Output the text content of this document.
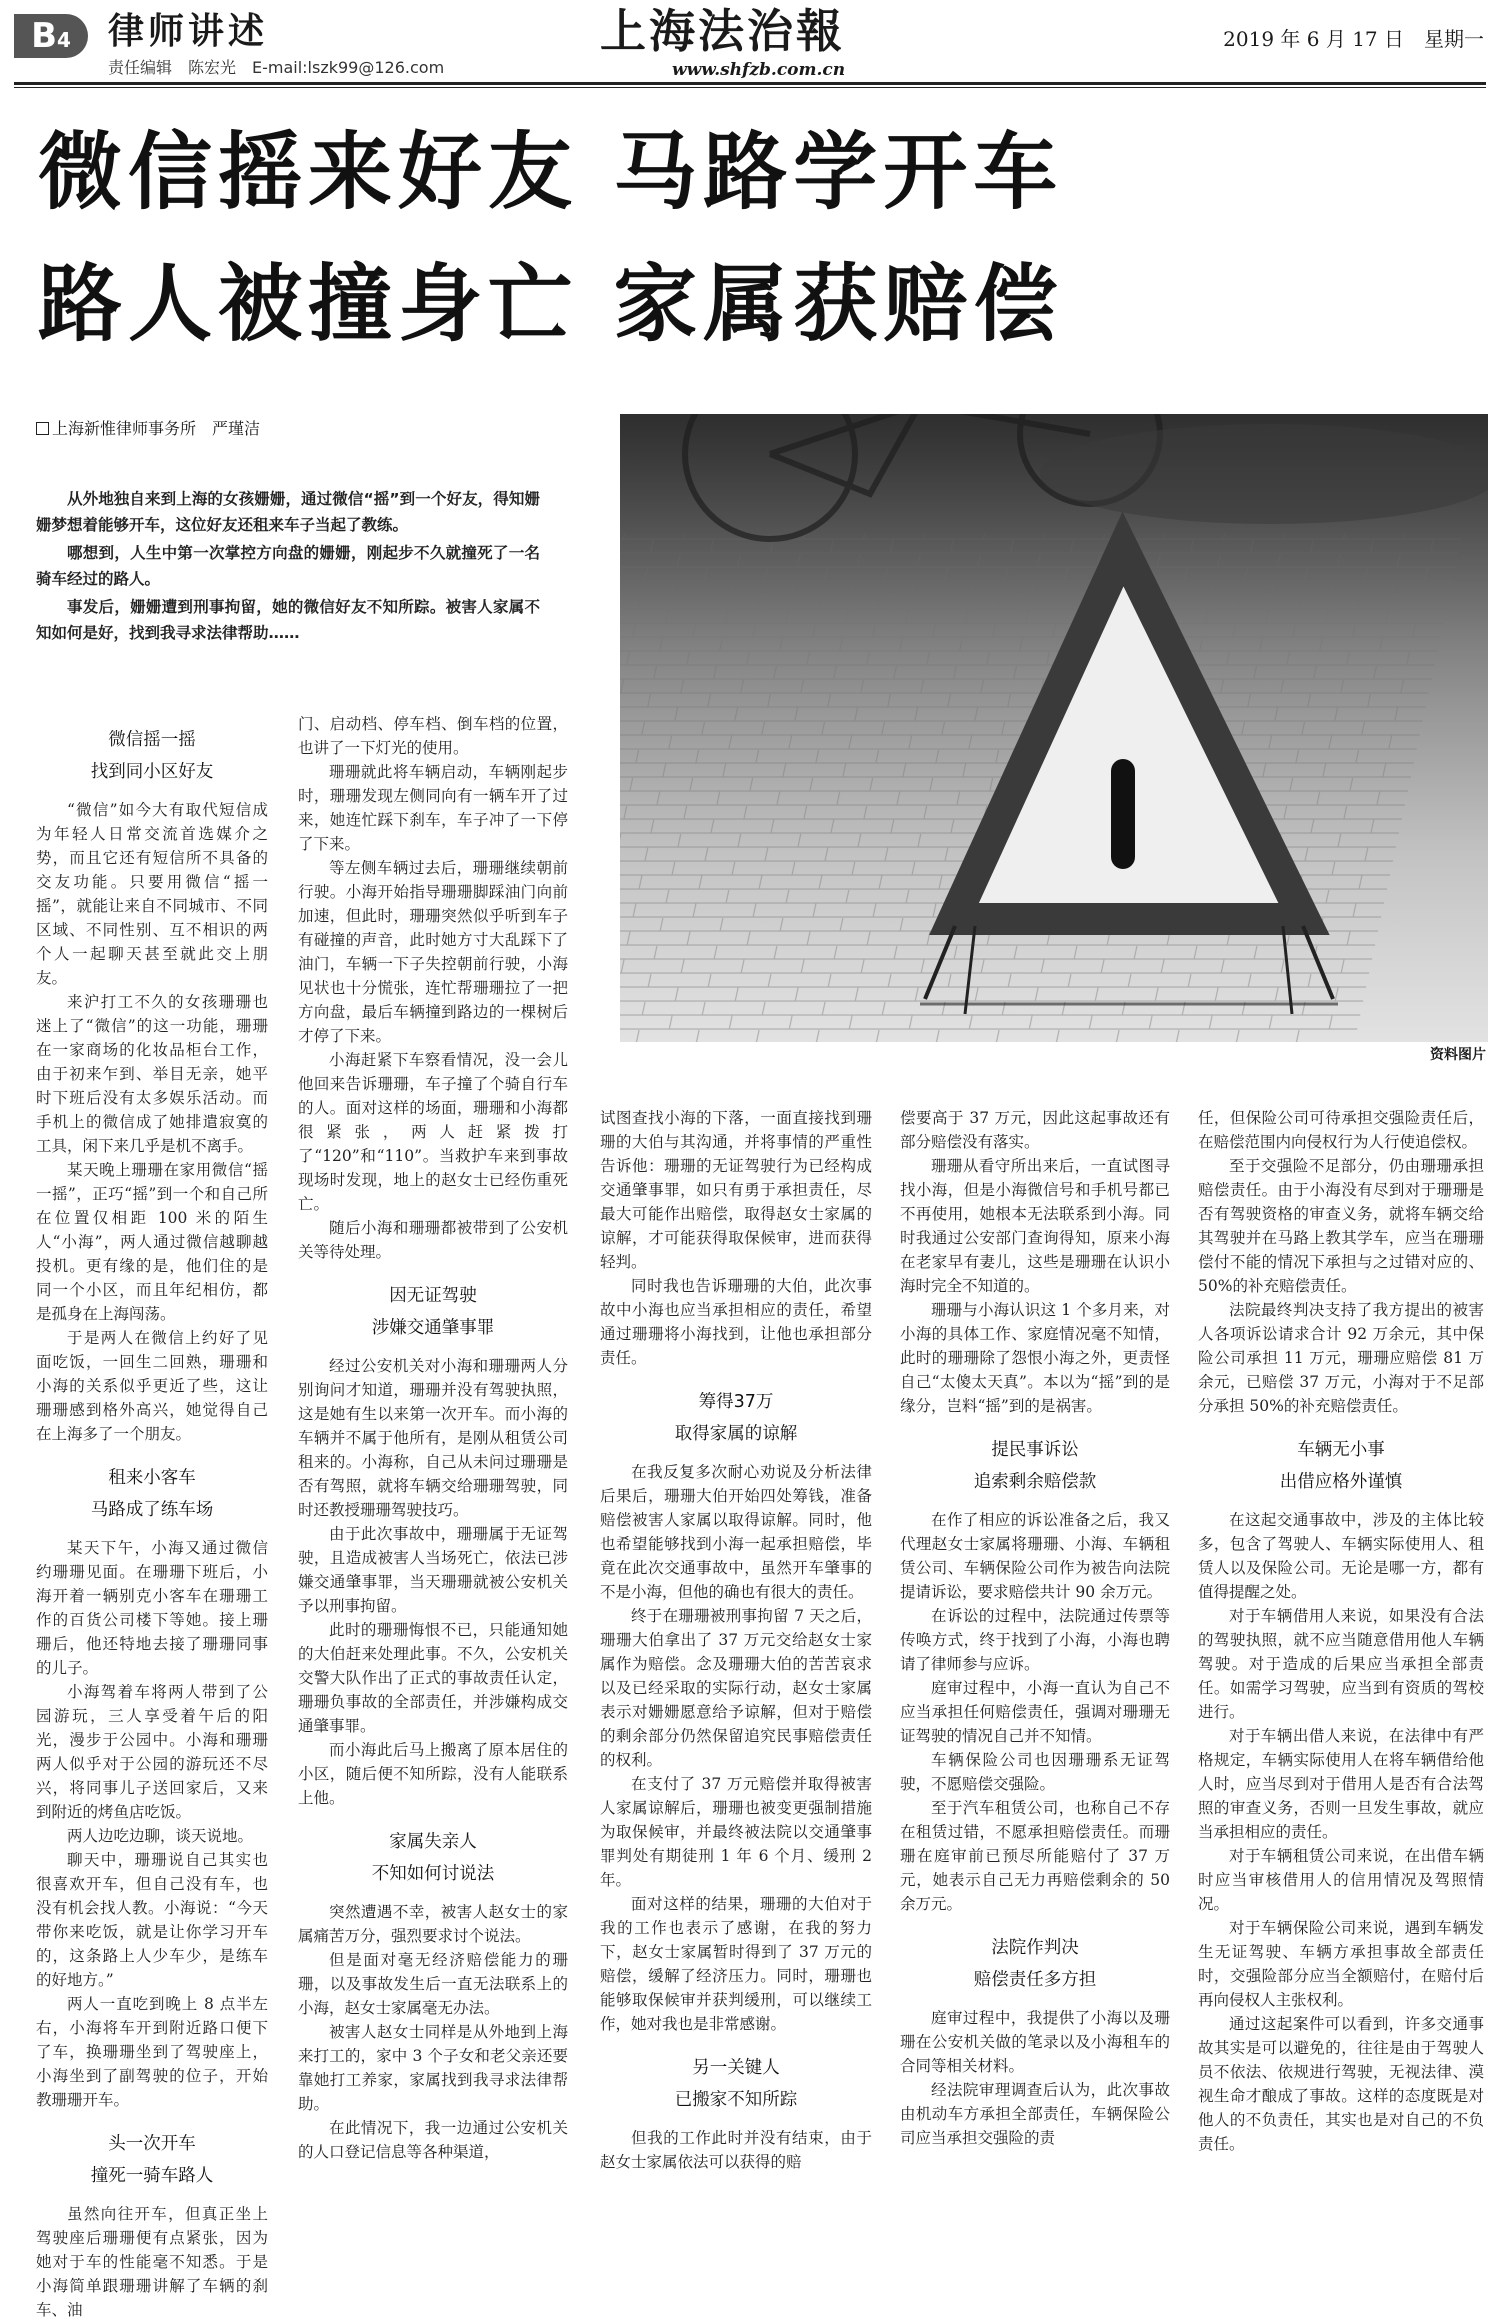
B4	律师讲述
责任编辑　陈宏光　E-mail:lszk99@126.com
上海法治報
www.shfzb.com.cn
2019 年 6 月 17 日　星期一
微信摇来好友 马路学开车
路人被撞身亡 家属获赔偿
上海新惟律师事务所　严瑾洁

从外地独自来到上海的女孩姗姗，通过微信“摇”到一个好友，得知姗姗梦想着能够开车，这位好友还租来车子当起了教练。

哪想到，人生中第一次掌控方向盘的姗姗，刚起步不久就撞死了一名骑车经过的路人。

事发后，姗姗遭到刑事拘留，她的微信好友不知所踪。被害人家属不知如何是好，找到我寻求法律帮助……

资料图片
微信摇一摇
找到同小区好友

“微信”如今大有取代短信成为年轻人日常交流首选媒介之势，而且它还有短信所不具备的交友功能。只要用微信“摇一摇”，就能让来自不同城市、不同区域、不同性别、互不相识的两个人一起聊天甚至就此交上朋友。

来沪打工不久的女孩珊珊也迷上了“微信”的这一功能，珊珊在一家商场的化妆品柜台工作，由于初来乍到、举目无亲，她平时下班后没有太多娱乐活动。而手机上的微信成了她排遣寂寞的工具，闲下来几乎是机不离手。

某天晚上珊珊在家用微信“摇一摇”，正巧“摇”到一个和自己所在位置仅相距 100 米的陌生人“小海”，两人通过微信越聊越投机。更有缘的是，他们住的是同一个小区，而且年纪相仿，都是孤身在上海闯荡。

于是两人在微信上约好了见面吃饭，一回生二回熟，珊珊和小海的关系似乎更近了些，这让珊珊感到格外高兴，她觉得自己在上海多了一个朋友。

租来小客车
马路成了练车场

某天下午，小海又通过微信约珊珊见面。在珊珊下班后，小海开着一辆别克小客车在珊珊工作的百货公司楼下等她。接上珊珊后，他还特地去接了珊珊同事的儿子。

小海驾着车将两人带到了公园游玩，三人享受着午后的阳光，漫步于公园中。小海和珊珊两人似乎对于公园的游玩还不尽兴，将同事儿子送回家后，又来到附近的烤鱼店吃饭。

两人边吃边聊，谈天说地。

聊天中，珊珊说自己其实也很喜欢开车，但自己没有车，也没有机会找人教。小海说：“今天带你来吃饭，就是让你学习开车的，这条路上人少车少，是练车的好地方。”

两人一直吃到晚上 8 点半左右，小海将车开到附近路口便下了车，换珊珊坐到了驾驶座上，小海坐到了副驾驶的位子，开始教珊珊开车。

头一次开车
撞死一骑车路人

虽然向往开车，但真正坐上驾驶座后珊珊便有点紧张，因为她对于车的性能毫不知悉。于是小海简单跟珊珊讲解了车辆的刹车、油

门、启动档、停车档、倒车档的位置，也讲了一下灯光的使用。

珊珊就此将车辆启动，车辆刚起步时，珊珊发现左侧同向有一辆车开了过来，她连忙踩下刹车，车子冲了一下停了下来。

等左侧车辆过去后，珊珊继续朝前行驶。小海开始指导珊珊脚踩油门向前加速，但此时，珊珊突然似乎听到车子有碰撞的声音，此时她方寸大乱踩下了油门，车辆一下子失控朝前行驶，小海见状也十分慌张，连忙帮珊珊拉了一把方向盘，最后车辆撞到路边的一棵树后才停了下来。

小海赶紧下车察看情况，没一会儿他回来告诉珊珊，车子撞了个骑自行车的人。面对这样的场面，珊珊和小海都很紧张，两人赶紧拨打了“120”和“110”。当救护车来到事故现场时发现，地上的赵女士已经伤重死亡。

随后小海和珊珊都被带到了公安机关等待处理。

因无证驾驶
涉嫌交通肇事罪

经过公安机关对小海和珊珊两人分别询问才知道，珊珊并没有驾驶执照，这是她有生以来第一次开车。而小海的车辆并不属于他所有，是刚从租赁公司租来的。小海称，自己从未问过珊珊是否有驾照，就将车辆交给珊珊驾驶，同时还教授珊珊驾驶技巧。

由于此次事故中，珊珊属于无证驾驶，且造成被害人当场死亡，依法已涉嫌交通肇事罪，当天珊珊就被公安机关予以刑事拘留。

此时的珊珊悔恨不已，只能通知她的大伯赶来处理此事。不久，公安机关交警大队作出了正式的事故责任认定，珊珊负事故的全部责任，并涉嫌构成交通肇事罪。

而小海此后马上搬离了原本居住的小区，随后便不知所踪，没有人能联系上他。

家属失亲人
不知如何讨说法

突然遭遇不幸，被害人赵女士的家属痛苦万分，强烈要求讨个说法。

但是面对毫无经济赔偿能力的珊珊，以及事故发生后一直无法联系上的小海，赵女士家属毫无办法。

被害人赵女士同样是从外地到上海来打工的，家中 3 个子女和老父亲还要靠她打工养家，家属找到我寻求法律帮助。

在此情况下，我一边通过公安机关的人口登记信息等各种渠道，

试图查找小海的下落，一面直接找到珊珊的大伯与其沟通，并将事情的严重性告诉他：珊珊的无证驾驶行为已经构成交通肇事罪，如只有勇于承担责任，尽最大可能作出赔偿，取得赵女士家属的谅解，才可能获得取保候审，进而获得轻判。

同时我也告诉珊珊的大伯，此次事故中小海也应当承担相应的责任，希望通过珊珊将小海找到，让他也承担部分责任。

筹得37万
取得家属的谅解

在我反复多次耐心劝说及分析法律后果后，珊珊大伯开始四处筹钱，准备赔偿被害人家属以取得谅解。同时，他也希望能够找到小海一起承担赔偿，毕竟在此次交通事故中，虽然开车肇事的不是小海，但他的确也有很大的责任。

终于在珊珊被刑事拘留 7 天之后，珊珊大伯拿出了 37 万元交给赵女士家属作为赔偿。念及珊珊大伯的苦苦哀求以及已经采取的实际行动，赵女士家属表示对姗姗愿意给予谅解，但对于赔偿的剩余部分仍然保留追究民事赔偿责任的权利。

在支付了 37 万元赔偿并取得被害人家属谅解后，珊珊也被变更强制措施为取保候审，并最终被法院以交通肇事罪判处有期徒刑 1 年 6 个月、缓刑 2 年。

面对这样的结果，珊珊的大伯对于我的工作也表示了感谢，在我的努力下，赵女士家属暂时得到了 37 万元的赔偿，缓解了经济压力。同时，珊珊也能够取保候审并获判缓刑，可以继续工作，她对我也是非常感谢。

另一关键人
已搬家不知所踪

但我的工作此时并没有结束，由于赵女士家属依法可以获得的赔

偿要高于 37 万元，因此这起事故还有部分赔偿没有落实。

珊珊从看守所出来后，一直试图寻找小海，但是小海微信号和手机号都已不再使用，她根本无法联系到小海。同时我通过公安部门查询得知，原来小海在老家早有妻儿，这些是珊珊在认识小海时完全不知道的。

珊珊与小海认识这 1 个多月来，对小海的具体工作、家庭情况毫不知情，此时的珊珊除了怨恨小海之外，更责怪自己“太傻太天真”。本以为“摇”到的是缘分，岂料“摇”到的是祸害。

提民事诉讼
追索剩余赔偿款

在作了相应的诉讼准备之后，我又代理赵女士家属将珊珊、小海、车辆租赁公司、车辆保险公司作为被告向法院提请诉讼，要求赔偿共计 90 余万元。

在诉讼的过程中，法院通过传票等传唤方式，终于找到了小海，小海也聘请了律师参与应诉。

庭审过程中，小海一直认为自己不应当承担任何赔偿责任，强调对珊珊无证驾驶的情况自己并不知情。

车辆保险公司也因珊珊系无证驾驶，不愿赔偿交强险。

至于汽车租赁公司，也称自己不存在租赁过错，不愿承担赔偿责任。而珊珊在庭审前已预尽所能赔付了 37 万元，她表示自己无力再赔偿剩余的 50 余万元。

法院作判决
赔偿责任多方担

庭审过程中，我提供了小海以及珊珊在公安机关做的笔录以及小海租车的合同等相关材料。

经法院审理调查后认为，此次事故由机动车方承担全部责任，车辆保险公司应当承担交强险的责

任，但保险公司可待承担交强险责任后，在赔偿范围内向侵权行为人行使追偿权。

至于交强险不足部分，仍由珊珊承担赔偿责任。由于小海没有尽到对于珊珊是否有驾驶资格的审查义务，就将车辆交给其驾驶并在马路上教其学车，应当在珊珊偿付不能的情况下承担与之过错对应的、50%的补充赔偿责任。

法院最终判决支持了我方提出的被害人各项诉讼请求合计 92 万余元，其中保险公司承担 11 万元，珊珊应赔偿 81 万余元，已赔偿 37 万元，小海对于不足部分承担 50%的补充赔偿责任。

车辆无小事
出借应格外谨慎

在这起交通事故中，涉及的主体比较多，包含了驾驶人、车辆实际使用人、租赁人以及保险公司。无论是哪一方，都有值得提醒之处。

对于车辆借用人来说，如果没有合法的驾驶执照，就不应当随意借用他人车辆驾驶。对于造成的后果应当承担全部责任。如需学习驾驶，应当到有资质的驾校进行。

对于车辆出借人来说，在法律中有严格规定，车辆实际使用人在将车辆借给他人时，应当尽到对于借用人是否有合法驾照的审查义务，否则一旦发生事故，就应当承担相应的责任。

对于车辆租赁公司来说，在出借车辆时应当审核借用人的信用情况及驾照情况。

对于车辆保险公司来说，遇到车辆发生无证驾驶、车辆方承担事故全部责任时，交强险部分应当全额赔付，在赔付后再向侵权人主张权利。

通过这起案件可以看到，许多交通事故其实是可以避免的，往往是由于驾驶人员不依法、依规进行驾驶，无视法律、漠视生命才酿成了事故。这样的态度既是对他人的不负责任，其实也是对自己的不负责任。
